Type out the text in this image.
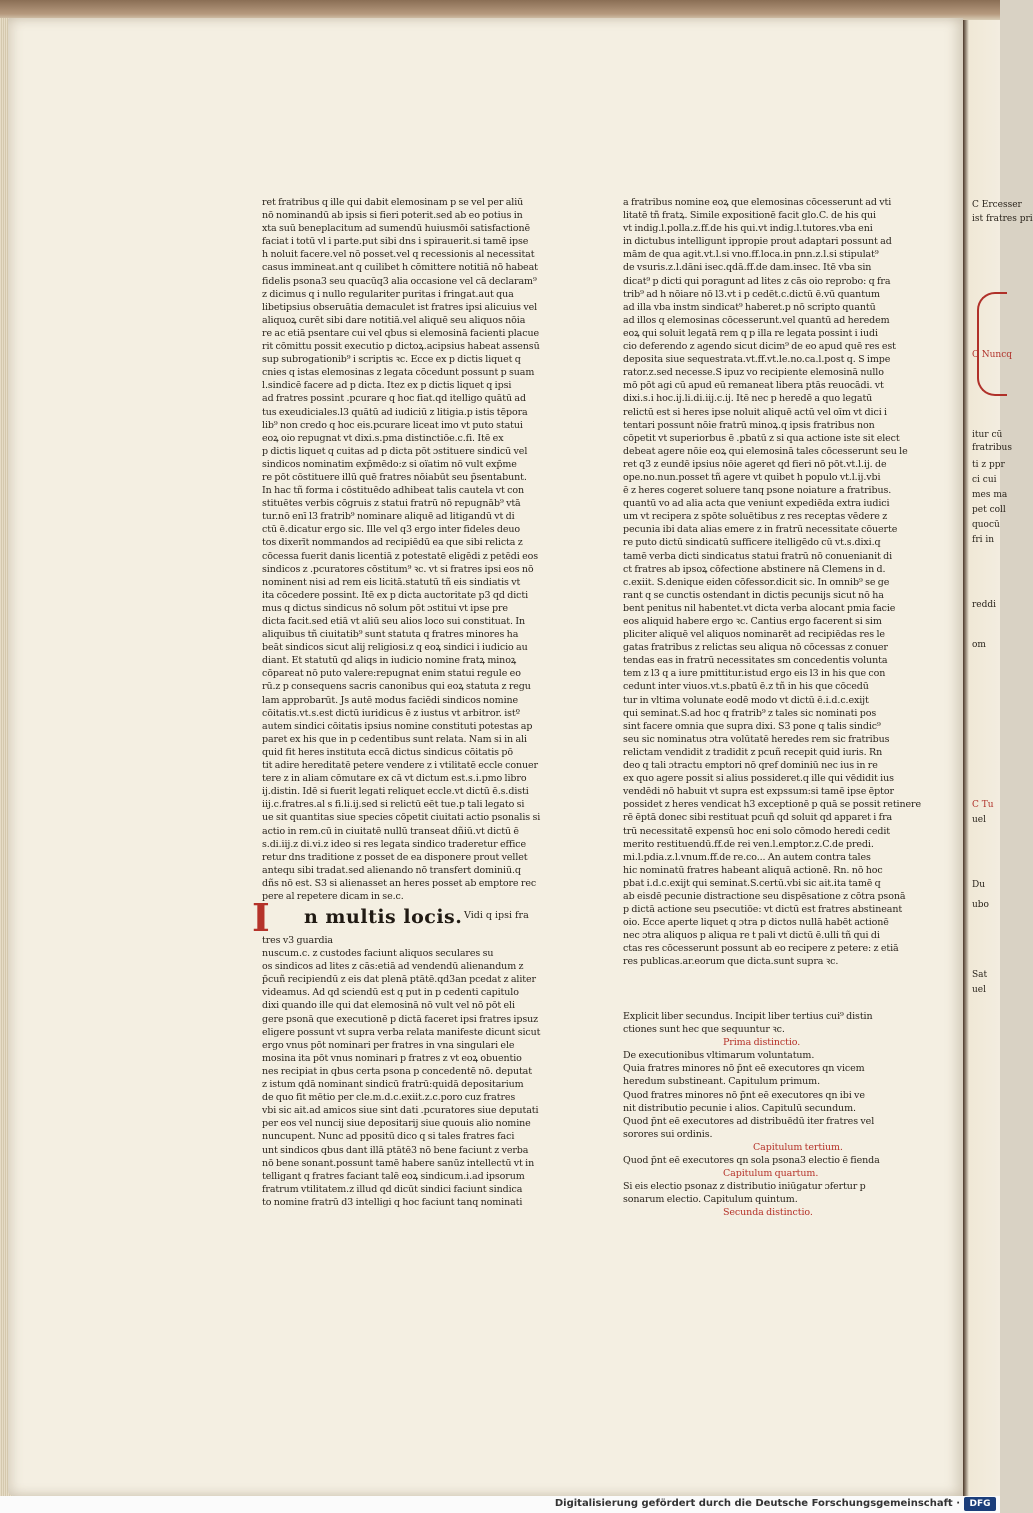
ret fratribus q ille qui dabit elemosinam p se vel per aliū
nō nominandū ab ipsis si fieri poterit.sed ab eo potius in
xta suū beneplacitum ad sumendū huiusmōi satisfactionē
faciat i totū vl i parte.put sibi dns i spirauerit.si tamē ipse
h noluit facere.vel nō posset.vel q recessionis al necessitat
casus immineat.ant q cuilibet h cōmittere notitiā nō habeat
fidelis psona3 seu quacūq3 alia occasione vel cā declaram⁹
z dicimus q i nullo regulariter puritas i fringat.aut qua
libetipsius obseruātia demaculet ist fratres ipsi alicuius vel
aliquoꝝ curēt sibi dare notitiā.vel aliquē seu aliquos nōia
re ac etiā psentare cui vel qbus si elemosinā facienti placue
rit cōmittu possit executio p dictoꝝ.acipsius habeat assensū
sup subrogationib⁹ i scriptis ꝛc. Ecce ex p dictis liquet q
cnies q istas elemosinas z legata cōcedunt possunt p suam
l.sindicē facere ad p dicta. Itez ex p dictis liquet q ipsi
ad fratres possint .pcurare q hoc fiat.qd itelligo quātū ad
tus exeudiciales.l3 quātū ad iudiciū z litigia.p istis tēpora
lib⁹ non credo q hoc eis.pcurare liceat imo vt puto statui
eoꝝ oio repugnat vt dixi.s.pma distinctiōe.c.fi. Itē ex
p dictis liquet q cuitas ad p dicta pōt ɔstituere sindicū vel
sindicos nominatim exp̄mēdo:z si oïatim nō vult exp̄me
re pōt cōstituere illū quē fratres nōiabūt seu p̄sentabunt.
In hac tñ forma i cōstituēdo adhibeat talis cautela vt con
stituētes verbis cōgruis z statui fratrū nō repugnāb⁹ vtā
tur.nō enī l3 fratrib⁹ nominare aliquē ad litigandū vt di
ctū ē.dicatur ergo sic. Ille vel q3 ergo inter fideles deuo
tos dixerīt nommandos ad recipiēdū ea que sibi relicta z
cōcessa fuerit danis licentiā z potestatē eligēdi z petēdi eos
sindicos z .pcuratores cōstitum⁹ ꝛc. vt si fratres ipsi eos nō
nominent nisi ad rem eis licitā.statutū tñ eis sindiatis vt
ita cōcedere possint. Itē ex p dicta auctoritate p3 qd dicti
mus q dictus sindicus nō solum pōt ɔstitui vt ipse pre
dicta facit.sed etiā vt aliū seu alios loco sui constituat. In
aliquibus tñ ciuitatib⁹ sunt statuta q fratres minores ha
beāt sindicos sicut alij religiosi.z q eoꝝ sindici i iudicio au
diant. Et statutū qd aliqs in iudicio nomine fratꝝ minoꝝ
cōpareat nō puto valere:repugnat enim statui regule eo
rū.z p consequens sacris canonibus qui eoꝝ statuta z regu
lam approbarūt. Js autē modus faciēdi sindicos nomine
cōitatis.vt.s.est dictū iuridicus ē z iustus vt arbitror. istº
autem sindici cōitatis ipsius nomine constituti potestas ap
paret ex his que in p cedentibus sunt relata. Nam si in ali
quid fit heres instituta eccā dictus sindicus cōitatis pō
tit adire hereditatē petere vendere z i vtilitatē eccle conuer
tere z in aliam cōmutare ex cā vt dictum est.s.i.pmo libro
ij.distin. Idē si fuerit legati reliquet eccle.vt dictū ē.s.disti
iij.c.fratres.al s fi.li.ij.sed si relictū eēt tue.p tali legato si
ue sit quantitas siue species cōpetit ciuitati actio psonalis si
actio in rem.cū in ciuitatē nullū transeat dñiū.vt dictū ē
s.di.iij.z di.vi.z ideo si res legata sindico traderetur effice
retur dns traditione z posset de ea disponere prout vellet
antequ sibi tradat.sed alienando nō transfert dominiū.q
dñs nō est. S3 si alienasset an heres posset ab emptore rec
pere al repetere dicam in se.c.
I n multis locis. Vidi q ipsi fra
tres v3 guardia
nuscum.c. z custodes faciunt aliquos seculares su
os sindicos ad lites z cās:etiā ad vendendū alienandum z
p̄cuñ recipiendū z eis dat plenā ptātē.qd3an pcedat z aliter
videamus. Ad qd sciendū est q put in p cedenti capitulo
dixi quando ille qui dat elemosinā nō vult vel nō pōt eli
gere psonā que executionē p dictā faceret ipsi fratres ipsuz
eligere possunt vt supra verba relata manifeste dicunt sicut
ergo vnus pōt nominari per fratres in vna singulari ele
mosina ita pōt vnus nominari p fratres z vt eoꝝ obuentio
nes recipiat in qbus certa psona p concedentē nō. deputat
z istum qdā nominant sindicū fratrū:quidā depositarium
de quo fit mētio per cle.m.d.c.exiit.z.c.poro cuz fratres
vbi sic ait.ad amicos siue sint dati .pcuratores siue deputati
per eos vel nuncij siue depositarij siue quouis alio nomine
nuncupent. Nunc ad ppositū dico q si tales fratres faci
unt sindicos qbus dant illā ptātē3 nō bene faciunt z verba
nō bene sonant.possunt tamē habere sanūz intellectū vt in
telligant q fratres faciant talē eoꝝ sindicum.i.ad ipsorum
fratrum vtilitatem.z illud qd dicūt sindici faciunt sindica
to nomine fratrū d3 intelligi q hoc faciunt tanq nominati
a fratribus nomine eoꝝ que elemosinas cōcesserunt ad vti
litatē tñ fratꝝ. Simile expositionē facit glo.C. de his qui
vt indig.l.polla.z.ff.de his qui.vt indig.l.tutores.vba eni
in dictubus intelligunt ippropie prout adaptari possunt ad
mām de qua agit.vt.l.si vno.ff.loca.in pnn.z.l.si stipulat⁹
de vsuris.z.l.dāni isec.qdā.ff.de dam.insec. Itē vba sin
dicat⁹ p dicti qui poragunt ad lites z cās oio reprobo: q fra
trib⁹ ad h nōiare nō l3.vt i p cedēt.c.dictū ē.vū quantum
ad illa vba instm sindicat⁹ haberet.p nō scripto quantū
ad illos q elemosinas cōcesserunt.vel quantū ad heredem
eoꝝ qui soluit legatā rem q p illa re legata possint i iudi
cio deferendo z agendo sicut dicim⁹ de eo apud quē res est
deposita siue sequestrata.vt.ff.vt.le.no.ca.l.post q. S impe
rator.z.sed necesse.S ipuz vo recipiente elemosinā nullo
mō pōt agi cū apud eū remaneat libera ptās reuocādi. vt
dixi.s.i hoc.ij.li.di.iij.c.ij. Itē nec p heredē a quo legatū
relictū est si heres ipse noluit aliquē actū vel oīm vt dici i
tentari possunt nōie fratrū minoꝝ.q ipsis fratribus non
cōpetit vt superiorbus ē .pbatū z si qua actione iste sit elect
debeat agere nōie eoꝝ qui elemosinā tales cōcesserunt seu le
ret q3 z eundē ipsius nōie ageret qd fieri nō pōt.vt.l.ij. de
ope.no.nun.posset tñ agere vt quibet h populo vt.l.ij.vbi
ē z heres cogeret soluere tanq psone noiature a fratribus.
quantū vo ad alia acta que veniunt expediēda extra iudici
um vt recipera z spōte soluētibus z res receptas vēdere z
pecunia ibi data alias emere z in fratrū necessitate cōuerte
re puto dictū sindicatū sufficere itelligēdo cū vt.s.dixi.q
tamē verba dicti sindicatus statui fratrū nō conuenianit di
ct fratres ab ipsoꝝ cōfectione abstinere nā Clemens in d.
c.exiit. S.denique eiden cōfessor.dicit sic. In omnib⁹ se ge
rant q se cunctis ostendant in dictis pecunijs sicut nō ha
bent penitus nil habentet.vt dicta verba alocant pmia facie
eos aliquid habere ergo ꝛc. Cantius ergo facerent si sim
pliciter aliquē vel aliquos nominarēt ad recipiēdas res le
gatas fratribus z relictas seu aliqua nō cōcessas z conuer
tendas eas in fratrū necessitates sm concedentis volunta
tem z l3 q a iure pmittitur.istud ergo eis l3 in his que con
cedunt inter viuos.vt.s.pbatū ē.z tñ in his que cōcedū
tur in vltima volunate eodē modo vt dictū ē.i.d.c.exijt
qui seminat.S.ad hoc q fratrib⁹ z tales sic nominati pos
sint facere omnia que supra dixi. S3 pone q talis sindic⁹
seu sic nominatus ɔtra volūtatē heredes rem sic fratribus
relictam vendidit z tradidit z pcuñ recepit quid iuris. Rn
deo q tali ɔtractu emptori nō qref dominiū nec ius in re
ex quo agere possit si alius possideret.q ille qui vēdidit ius
vendēdi nō habuit vt supra est expssum:si tamē ipse ēptor
possidet z heres vendicat h3 exceptionē p quā se possit retinere
rē ēptā donec sibi restituat pcuñ qd soluit qd apparet i fra
trū necessitatē expensū hoc eni solo cōmodo heredi cedit
merito restituendū.ff.de rei ven.l.emptor.z.C.de predi.
mi.l.pdia.z.l.vnum.ff.de re.co... An autem contra tales
hic nominatū fratres habeant aliquā actionē. Rn. nō hoc
pbat i.d.c.exijt qui seminat.S.certū.vbi sic ait.ita tamē q
ab eisdē pecunie distractione seu dispēsatione z cōtra psonā
p dictā actione seu psecutiōe: vt dictū est fratres abstineant
oio. Ecce aperte liquet q ɔtra p dictos nullā habēt actionē
nec ɔtra aliquos p aliqua re t pali vt dictū ē.ulli tñ qui di
ctas res cōcesserunt possunt ab eo recipere z petere: z etiā
res publicas.ar.eorum que dicta.sunt supra ꝛc.
Explicit liber secundus. Incipit liber tertius cui⁹ distin
ctiones sunt hec que sequuntur ꝛc.
Prima distinctio.
De executionibus vltimarum voluntatum.
Quia fratres minores nō p̄nt eē executores qn vicem
heredum substineant. Capitulum primum.
Quod fratres minores nō p̄nt eē executores qn ibi ve
nit distributio pecunie i alios. Capitulū secundum.
Quod p̄nt eē executores ad distribuēdū iter fratres vel
sorores sui ordinis.
Capitulum tertium.
Quod p̄nt eē executores qn sola psona3 electio ē fienda
Capitulum quartum.
Si eis electio psonaz z distributio iniūgatur ɔfertur p
sonarum electio. Capitulum quintum.
Secunda distinctio.
C Ercesser
ist fratres pri
C Nuncq
itur cū
fratribus
ti z ppr
ci cui
mes ma
pet coll
quocū
fri in
reddi
om
C Tu
uel
Du
ubo
Sat
uel
Digitalisierung gefördert durch die Deutsche Forschungsgemeinschaft ·	DFG
